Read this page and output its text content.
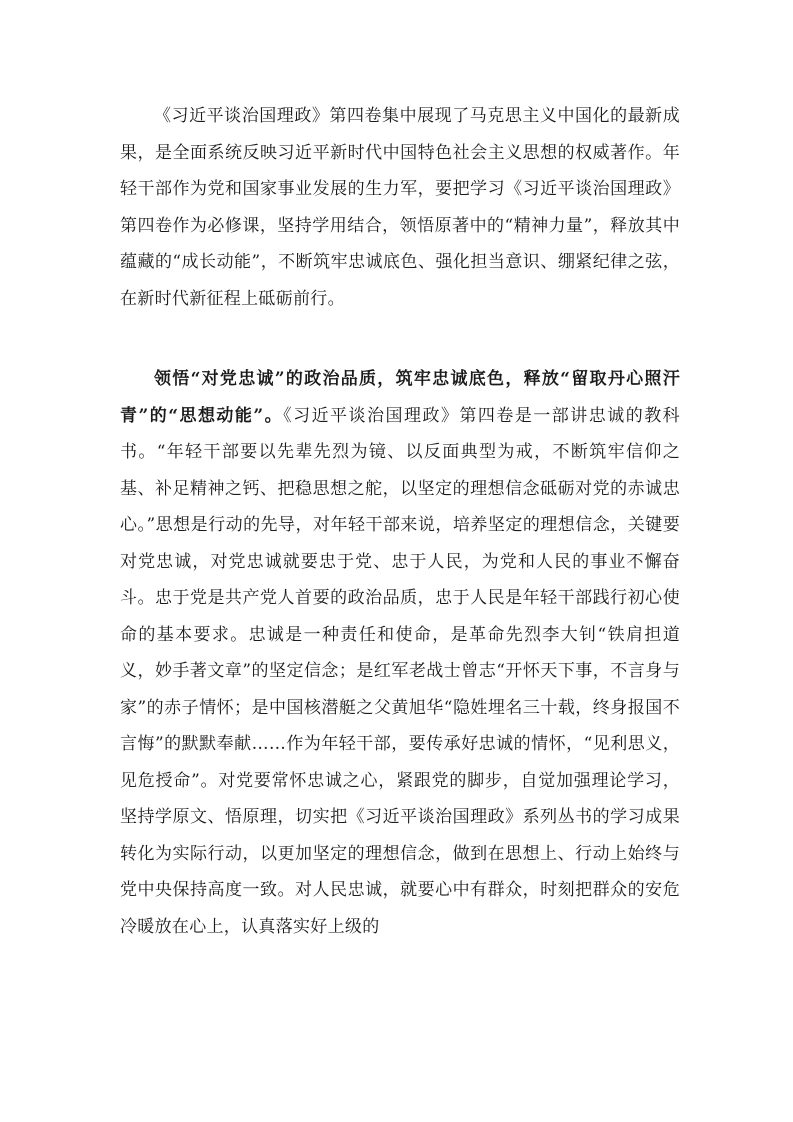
《习近平谈治国理政》第四卷集中展现了马克思主义中国化的最新成果，是全面系统反映习近平新时代中国特色社会主义思想的权威著作。年轻干部作为党和国家事业发展的生力军，要把学习《习近平谈治国理政》第四卷作为必修课，坚持学用结合，领悟原著中的“精神力量”，释放其中蕴藏的“成长动能”，不断筑牢忠诚底色、强化担当意识、绷紧纪律之弦，在新时代新征程上砥砺前行。

领悟“对党忠诚”的政治品质，筑牢忠诚底色，释放“留取丹心照汗青”的“思想动能”。《习近平谈治国理政》第四卷是一部讲忠诚的教科书。“年轻干部要以先辈先烈为镜、以反面典型为戒，不断筑牢信仰之基、补足精神之钙、把稳思想之舵，以坚定的理想信念砥砺对党的赤诚忠心。”思想是行动的先导，对年轻干部来说，培养坚定的理想信念，关键要对党忠诚，对党忠诚就要忠于党、忠于人民，为党和人民的事业不懈奋斗。忠于党是共产党人首要的政治品质，忠于人民是年轻干部践行初心使命的基本要求。忠诚是一种责任和使命，是革命先烈李大钊“铁肩担道义，妙手著文章”的坚定信念；是红军老战士曾志“开怀天下事，不言身与家”的赤子情怀；是中国核潜艇之父黄旭华“隐姓埋名三十载，终身报国不言悔”的默默奉献……作为年轻干部，要传承好忠诚的情怀，“见利思义，见危授命”。对党要常怀忠诚之心，紧跟党的脚步，自觉加强理论学习，坚持学原文、悟原理，切实把《习近平谈治国理政》系列丛书的学习成果转化为实际行动，以更加坚定的理想信念，做到在思想上、行动上始终与党中央保持高度一致。对人民忠诚，就要心中有群众，时刻把群众的安危冷暖放在心上，认真落实好上级的
